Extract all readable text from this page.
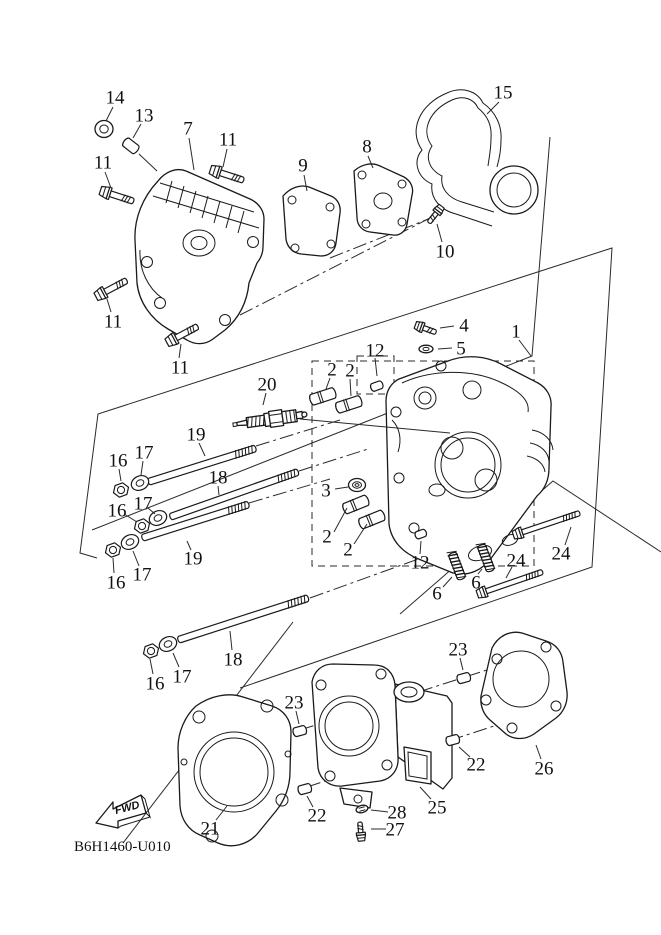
FWD
B6H1460-U010
14
13
7
11
11
9
8
15
10
11
11
4
5
1
12
2 2
20
19
16 17
18
3
16 17
2
2
12
19
16 17
24 24
6
6
16 17
18
23
21
22	28
27
25
23
22	26
